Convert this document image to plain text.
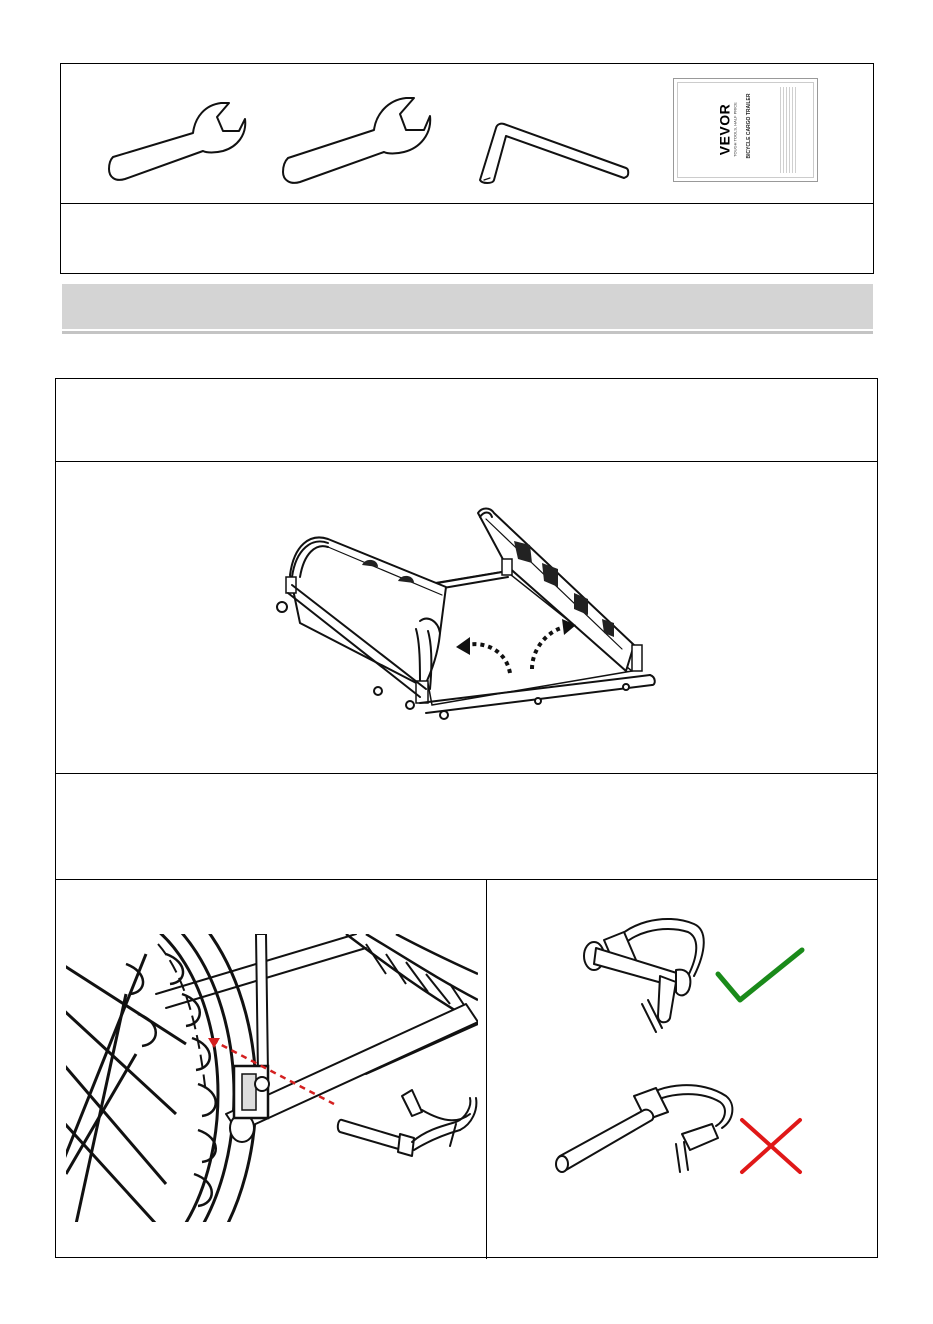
VEVOR TOUGH TOOLS, HALF PRICE BICYCLE CARGO TRAILER
